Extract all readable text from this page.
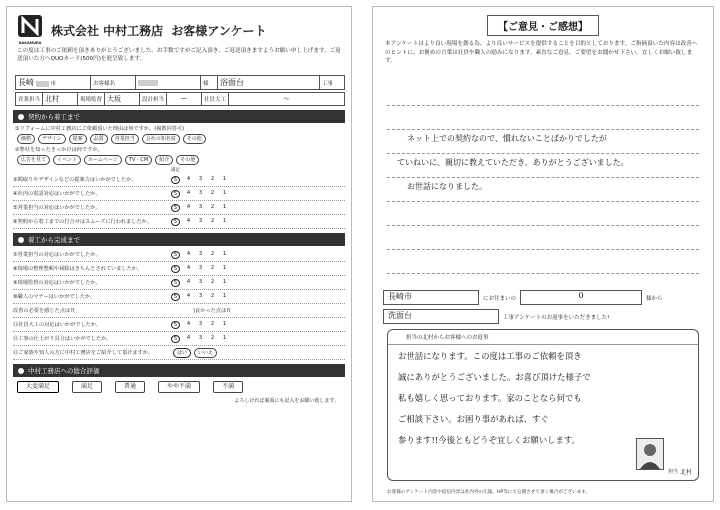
NAKAMURA
株式会社 中村工務店 お客様アンケート
この度は工事のご依頼を頂きありがとうございました。お手数ですがご記入頂き、ご返送頂きますようお願い申し上げます。ご返送頂いた方へQUOカード(500円)を進呈致します。
長崎	市	お客様名		様	浴面台	工事
営業担当	北村	現場監督	大坂	設計担当	ー	社員大工	〜
契約から着工まで
①リフォームに中村工務店にご依頼頂いた理由は何ですか。(複数回答可)
価格	デザイン	提案	品質	営業担当	会社の知名度	その他
②弊社を知ったきっかけは何ですか。
広告を見て	イベント	ホームページ	TV・CM	紹介	その他
満足
③間取りやデザインなどの提案力はいかがでしたか。	5	4	3	2	1
④社内の電話対応はいかがでしたか。	5	4	3	2	1
⑤営業担当の対応はいかがでしたか。	5	4	3	2	1
⑥契約から着工までの打合せはスムーズに行われましたか。	5	4	3	2	1
着工から完成まで
⑦営業担当の対応はいかがでしたか。	5	4	3	2	1
⑧現場の整理整頓や掃除はきちんとされていましたか。	5	4	3	2	1
⑨現場監督の対応はいかがでしたか。	5	4	3	2	1
⑩職人のマナーはいかがでしたか。	5	4	3	2	1
改善の必要を感じた点は?(	)良かった点は?(
⑪社員大工の対応はいかがでしたか。	5	4	3	2	1
⑫工事の仕上がり具合はいかがでしたか。	5	4	3	2	1
⑬ご家族や知人の方に中村工務店をご紹介して頂けますか。	はい	いいえ
中村工務店への総合評価
大変満足	満足	普通	やや不満	不満
よろしければ裏面にも記入をお願い致します。
【ご意見・ご感想】
本アンケートはより良い現場を創る為、より良いサービスを提供することを目的としております。ご指摘頂いた内容は改善へのヒントに、お褒めの言葉は社員や職人の励みになります。素直なご意見、ご要望をお聞かせ下さい。宜しくお願い致します。
ネット上での契約なので、慣れないことばかりでしたが
ていねいに、親切に教えていただき、ありがとうございました。
お世話になりました。
長崎市	にお住まいの	0	様から
洗面台	工事アンケートのお返事をいただきました!
担当の北村からお客様へのお返事
お世話になります。この度は工事のご依頼を頂き
誠にありがとうございました。お喜び頂けた様子で
私も嬉しく思っております。家のことなら何でも
ご相談下さい。お困り事があれば、すぐ
参ります!!今後ともどうぞ宜しくお願いします。
担当 北村
お客様のアンケート内容や返信内容は社内外の広報、HP等にて公開させて頂く場合がございます。
